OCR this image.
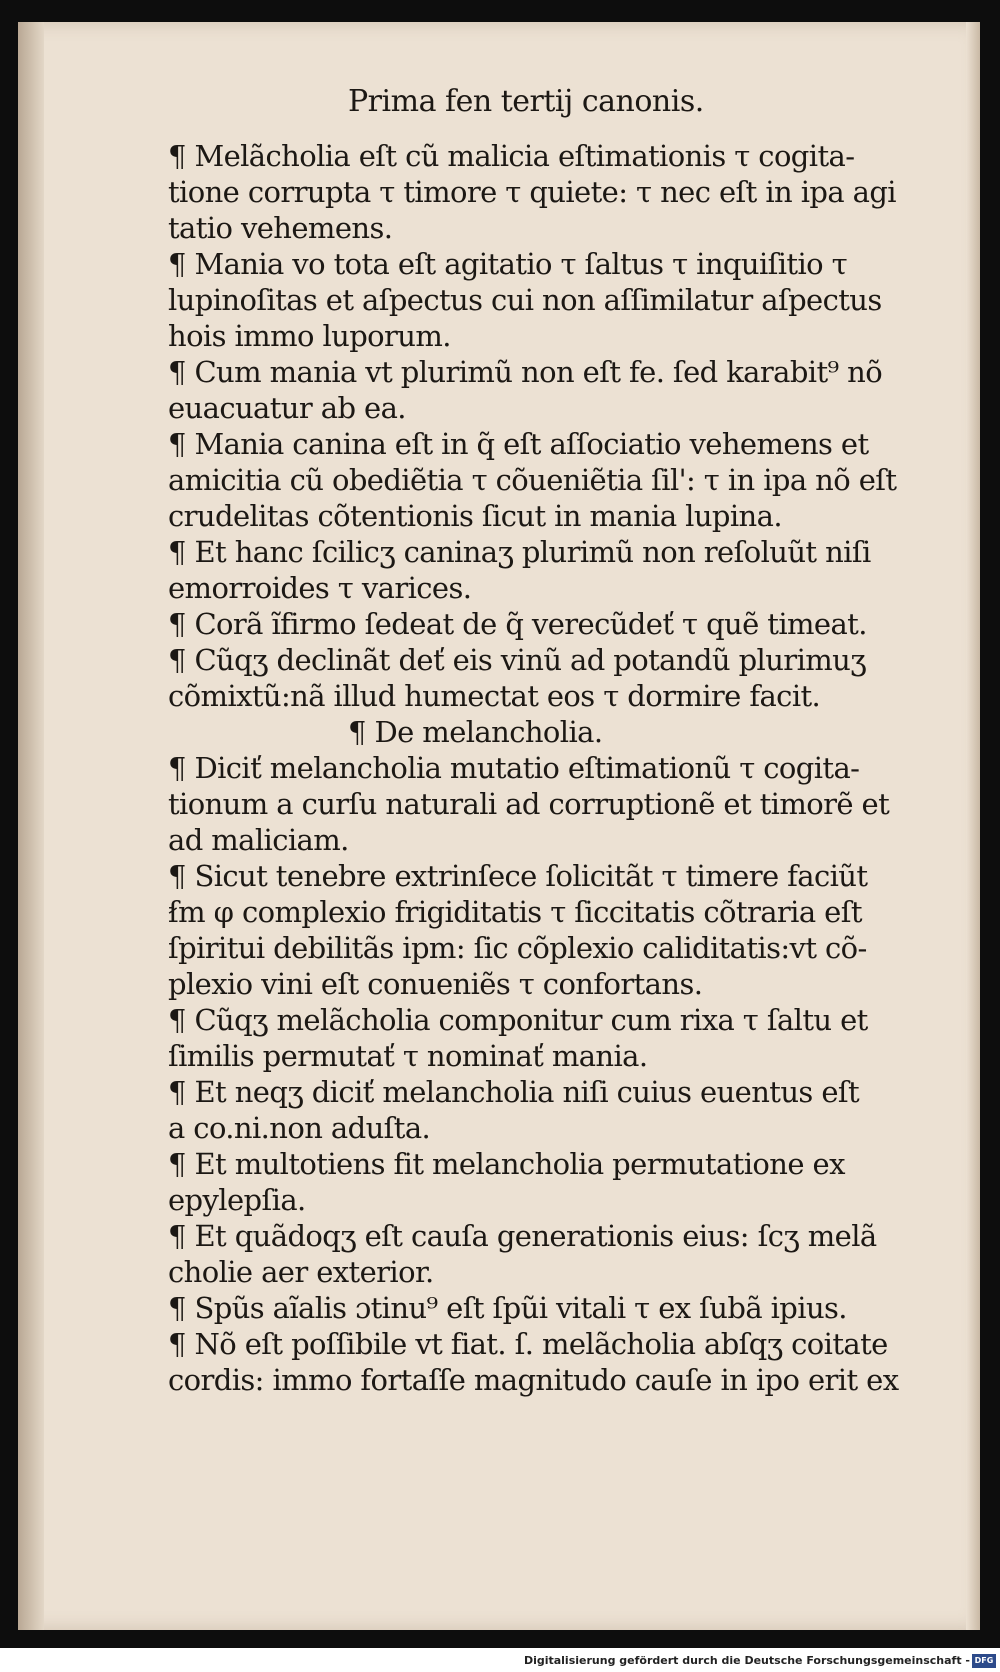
Prima fen tertij canonis.
¶ Melãcholia eſt cũ malicia eſtimationis τ cogita-
tione corrupta τ timore τ quiete: τ nec eſt in ipa agi
tatio vehemens.
¶ Mania vo tota eſt agitatio τ ſaltus τ inquiſitio τ
lupinoſitas et aſpectus cui non aſſimilatur aſpectus
hois immo luporum.
¶ Cum mania vt plurimũ non eſt fe. ſed karabit⁹ nõ
euacuatur ab ea.
¶ Mania canina eſt in q̃ eſt aſſociatio vehemens et
amicitia cũ obediẽtia τ cõueniẽtia ſil': τ in ipa nõ eſt
crudelitas cõtentionis ſicut in mania lupina.
¶ Et hanc ſcilicʒ caninaʒ plurimũ non reſoluũt niſi
emorroides τ varices.
¶ Corã ĩfirmo ſedeat de q̃ verecũdeť τ quẽ timeat.
¶ Cũqʒ declinãt deť eis vinũ ad potandũ plurimuʒ
cõmixtũ:nã illud humectat eos τ dormire facit.
¶ De melancholia.
¶ Diciť melancholia mutatio eſtimationũ τ cogita-
tionum a curſu naturali ad corruptionẽ et timorẽ et
ad maliciam.
¶ Sicut tenebre extrinſece ſolicitãt τ timere faciũt
ẜm φ complexio frigiditatis τ ſiccitatis cõtraria eſt
ſpiritui debilitãs ipm: ſic cõplexio caliditatis:vt cõ-
plexio vini eſt conueniẽs τ confortans.
¶ Cũqʒ melãcholia componitur cum rixa τ ſaltu et
ſimilis permutať τ nominať mania.
¶ Et neqʒ diciť melancholia niſi cuius euentus eſt
a co.ni.non aduſta.
¶ Et multotiens fit melancholia permutatione ex
epylepſia.
¶ Et quãdoqʒ eſt cauſa generationis eius: ſcʒ melã
cholie aer exterior.
¶ Spũs aĩalis ɔtinu⁹ eſt ſpũi vitali τ ex ſubã ipius.
¶ Nõ eſt poſſibile vt fiat. ſ. melãcholia abſqʒ coitate
cordis: immo fortaſſe magnitudo cauſe in ipo erit ex
Digitalisierung gefördert durch die Deutsche Forschungsgemeinschaft - DFG
